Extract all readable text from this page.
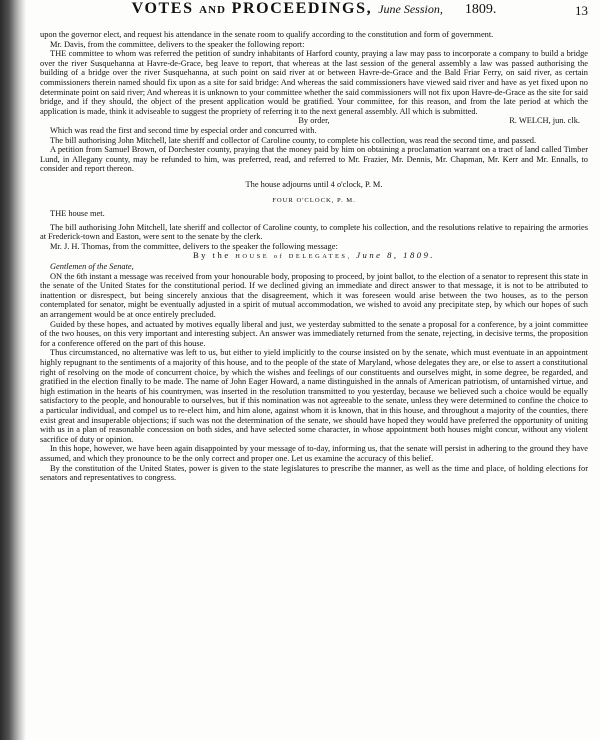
VOTES AND PROCEEDINGS, June Session, 1809.	13

upon the governor elect, and request his attendance in the senate room to qualify according to the constitution and form of government.

Mr. Davis, from the committee, delivers to the speaker the following report:

THE committee to whom was referred the petition of sundry inhabitants of Harford county, praying a law may pass to incorporate a company to build a bridge over the river Susquehanna at Havre-de-Grace, beg leave to report, that whereas at the last session of the general assembly a law was passed authorising the building of a bridge over the river Susquehanna, at such point on said river at or between Havre-de-Grace and the Bald Friar Ferry, on said river, as certain commissioners therein named should fix upon as a site for said bridge: And whereas the said commissioners have viewed said river and have as yet fixed upon no determinate point on said river; And whereas it is unknown to your committee whether the said commissioners will not fix upon Havre-de-Grace as the site for said bridge, and if they should, the object of the present application would be gratified. Your committee, for this reason, and from the late period at which the application is made, think it adviseable to suggest the propriety of referring it to the next general assembly. All which is submitted.

By order,	R. WELCH, jun. clk.

Which was read the first and second time by especial order and concurred with.

The bill authorising John Mitchell, late sheriff and collector of Caroline county, to complete his collection, was read the second time, and passed.

A petition from Samuel Brown, of Dorchester county, praying that the money paid by him on obtaining a proclamation warrant on a tract of land called Timber Lund, in Allegany county, may be refunded to him, was preferred, read, and referred to Mr. Frazier, Mr. Dennis, Mr. Chapman, Mr. Kerr and Mr. Ennalls, to consider and report thereon.

The house adjourns until 4 o'clock, P. M.
FOUR O'CLOCK, P. M.

THE house met.

The bill authorising John Mitchell, late sheriff and collector of Caroline county, to complete his collection, and the resolutions relative to repairing the armories at Frederick-town and Easton, were sent to the senate by the clerk.

Mr. J. H. Thomas, from the committee, delivers to the speaker the following message:

By the HOUSE of DELEGATES, June 8, 1809.

Gentlemen of the Senate,

ON the 6th instant a message was received from your honourable body, proposing to proceed, by joint ballot, to the election of a senator to represent this state in the senate of the United States for the constitutional period. If we declined giving an immediate and direct answer to that message, it is not to be attributed to inattention or disrespect, but being sincerely anxious that the disagreement, which it was foreseen would arise between the two houses, as to the person contemplated for senator, might be eventually adjusted in a spirit of mutual accommodation, we wished to avoid any precipitate step, by which our hopes of such an arrangement would be at once entirely precluded.

Guided by these hopes, and actuated by motives equally liberal and just, we yesterday submitted to the senate a proposal for a conference, by a joint committee of the two houses, on this very important and interesting subject. An answer was immediately returned from the senate, rejecting, in decisive terms, the proposition for a conference offered on the part of this house.

Thus circumstanced, no alternative was left to us, but either to yield implicitly to the course insisted on by the senate, which must eventuate in an appointment highly repugnant to the sentiments of a majority of this house, and to the people of the state of Maryland, whose delegates they are, or else to assert a constitutional right of resolving on the mode of concurrent choice, by which the wishes and feelings of our constituents and ourselves might, in some degree, be regarded, and gratified in the election finally to be made. The name of John Eager Howard, a name distinguished in the annals of American patriotism, of untarnished virtue, and high estimation in the hearts of his countrymen, was inserted in the resolution transmitted to you yesterday, because we believed such a choice would be equally satisfactory to the people, and honourable to ourselves, but if this nomination was not agreeable to the senate, unless they were determined to confine the choice to a particular individual, and compel us to re-elect him, and him alone, against whom it is known, that in this house, and throughout a majority of the counties, there exist great and insuperable objections; if such was not the determination of the senate, we should have hoped they would have preferred the opportunity of uniting with us in a plan of reasonable concession on both sides, and have selected some character, in whose appointment both houses might concur, without any violent sacrifice of duty or opinion.

In this hope, however, we have been again disappointed by your message of to-day, informing us, that the senate will persist in adhering to the ground they have assumed, and which they pronounce to be the only correct and proper one. Let us examine the accuracy of this belief.

By the constitution of the United States, power is given to the state legislatures to prescribe the manner, as well as the time and place, of holding elections for senators and representatives to congress.
